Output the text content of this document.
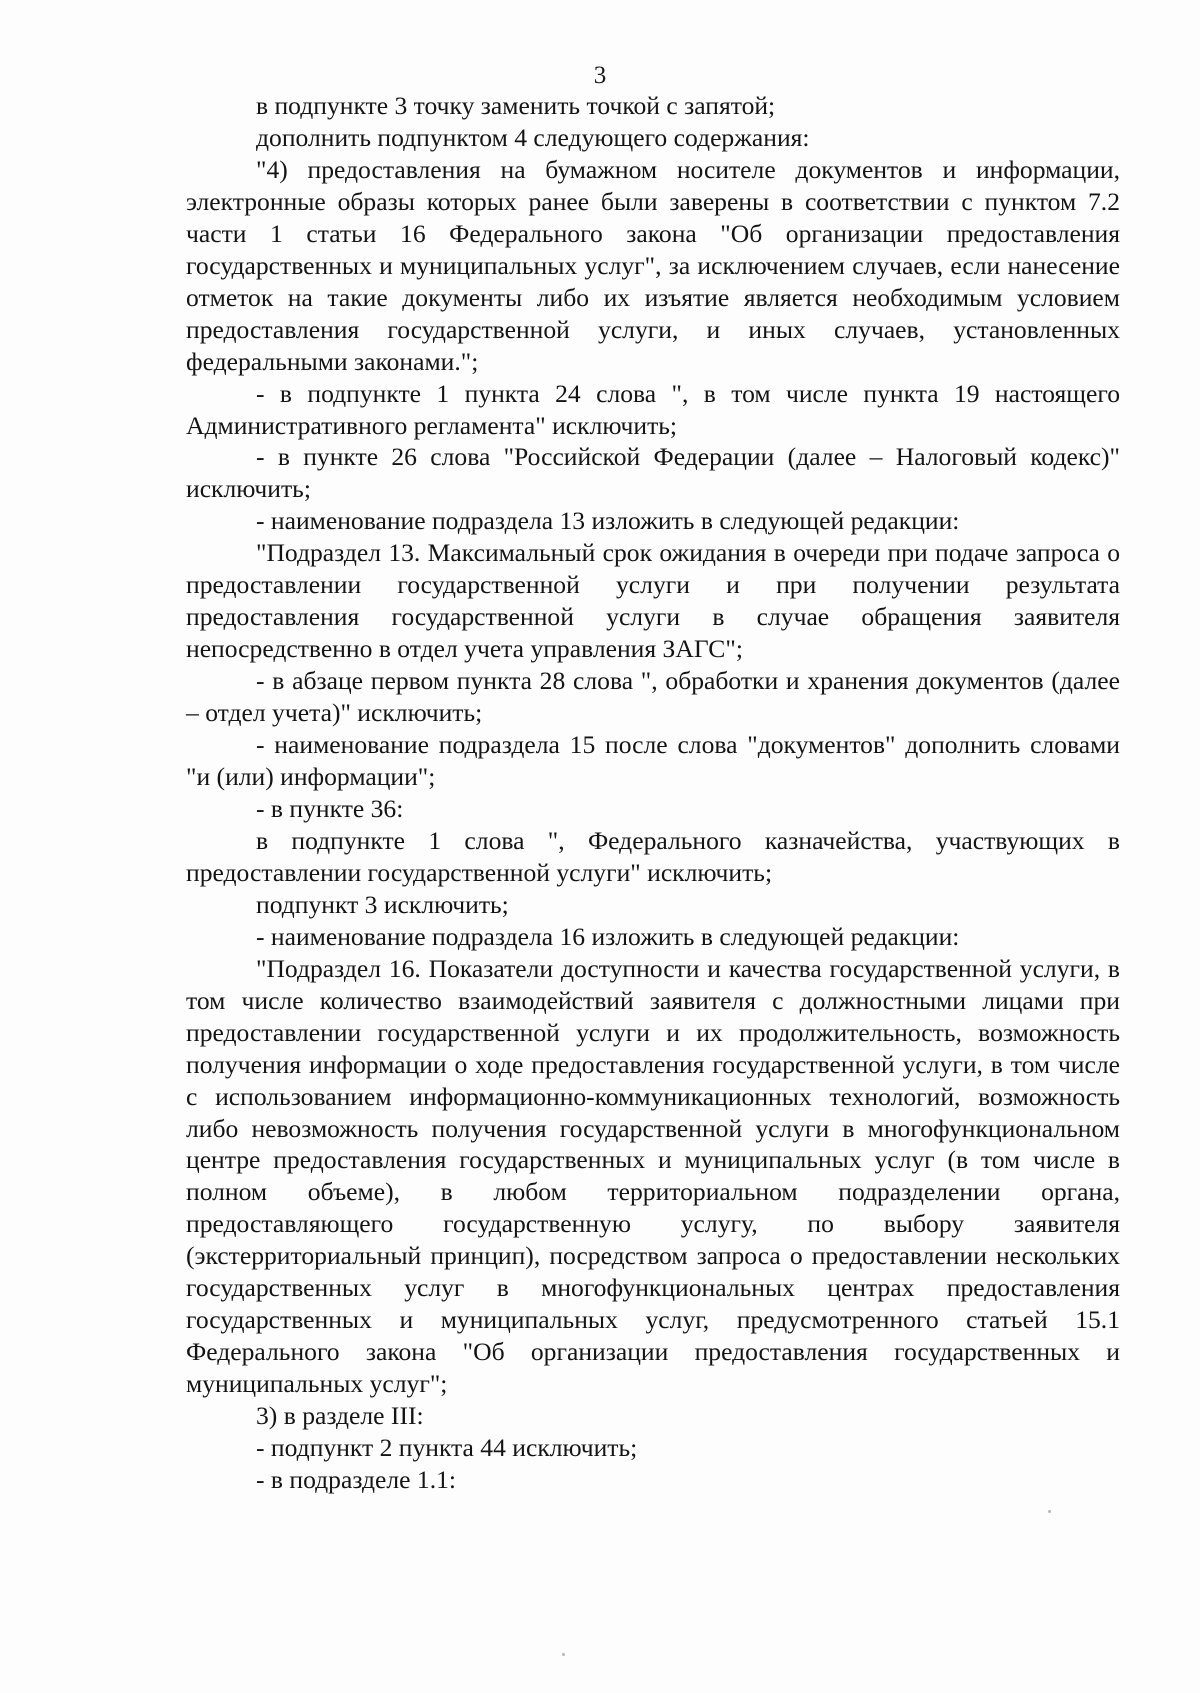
3

в подпункте 3 точку заменить точкой с запятой;

дополнить подпунктом 4 следующего содержания:

"4) предоставления на бумажном носителе документов и информации, электронные образы которых ранее были заверены в соответствии с пунктом 7.2 части 1 статьи 16 Федерального закона "Об организации предоставления государственных и муниципальных услуг", за исключением случаев, если нанесение отметок на такие документы либо их изъятие является необходимым условием предоставления государственной услуги, и иных случаев, установленных федеральными законами.";

- в подпункте 1 пункта 24 слова ", в том числе пункта 19 настоящего Административного регламента" исключить;

- в пункте 26 слова "Российской Федерации (далее – Налоговый кодекс)" исключить;

- наименование подраздела 13 изложить в следующей редакции:

"Подраздел 13. Максимальный срок ожидания в очереди при подаче запроса о предоставлении государственной услуги и при получении результата предоставления государственной услуги в случае обращения заявителя непосредственно в отдел учета управления ЗАГС";

- в абзаце первом пункта 28 слова ", обработки и хранения документов (далее – отдел учета)" исключить;

- наименование подраздела 15 после слова "документов" дополнить словами "и (или) информации";

- в пункте 36:

в подпункте 1 слова ", Федерального казначейства, участвующих в предоставлении государственной услуги" исключить;

подпункт 3 исключить;

- наименование подраздела 16 изложить в следующей редакции:

"Подраздел 16. Показатели доступности и качества государственной услуги, в том числе количество взаимодействий заявителя с должностными лицами при предоставлении государственной услуги и их продолжительность, возможность получения информации о ходе предоставления государственной услуги, в том числе с использованием информационно-коммуникационных технологий, возможность либо невозможность получения государственной услуги в многофункциональном центре предоставления государственных и муниципальных услуг (в том числе в полном объеме), в любом территориальном подразделении органа, предоставляющего государственную услугу, по выбору заявителя (экстерриториальный принцип), посредством запроса о предоставлении нескольких государственных услуг в многофункциональных центрах предоставления государственных и муниципальных услуг, предусмотренного статьей 15.1 Федерального закона "Об организации предоставления государственных и муниципальных услуг";

3) в разделе III:

- подпункт 2 пункта 44 исключить;

- в подразделе 1.1:
